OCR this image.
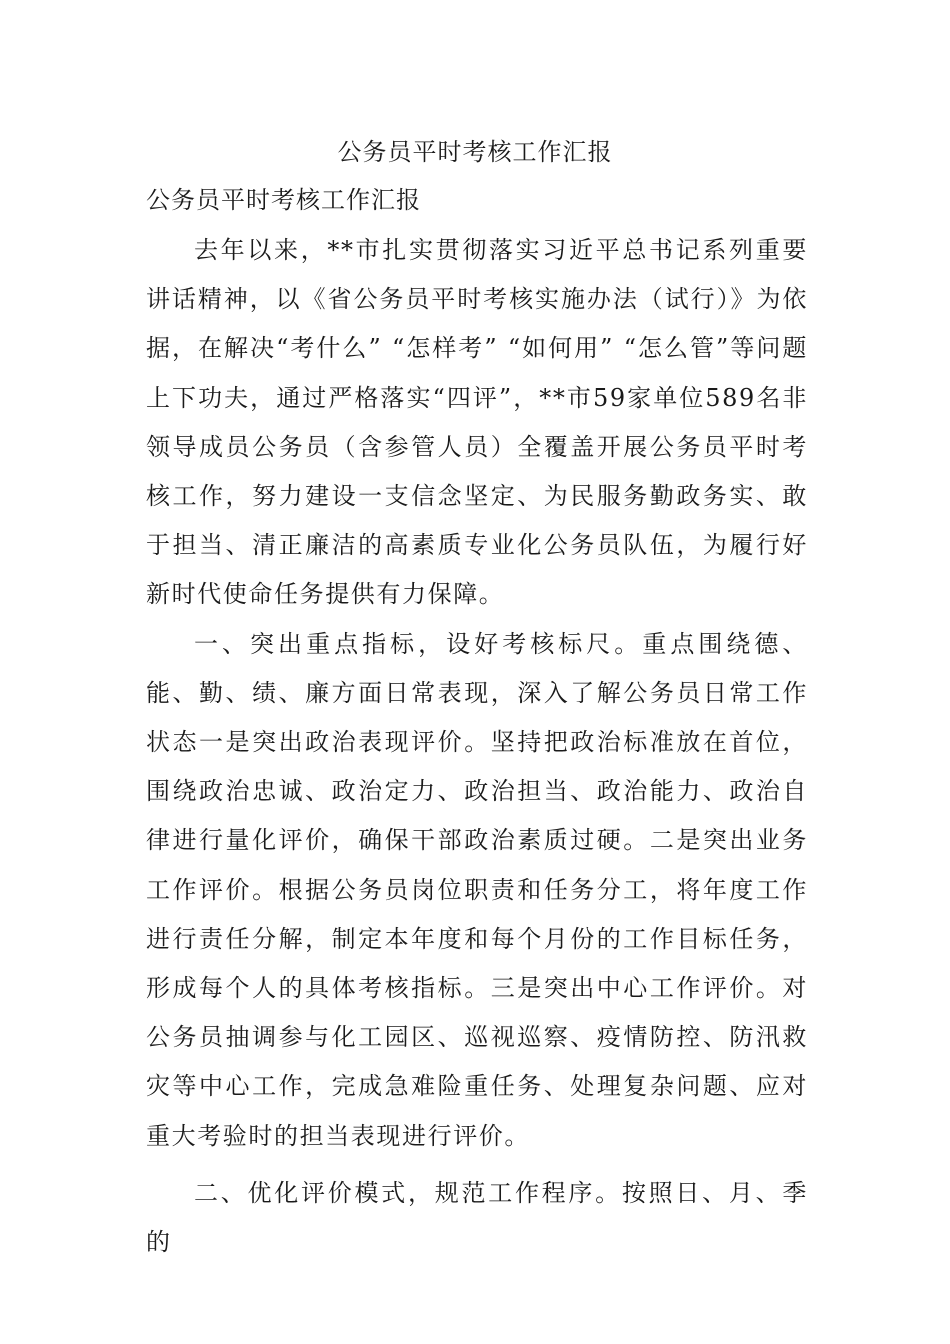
公务员平时考核工作汇报
公务员平时考核工作汇报

去年以来，**市扎实贯彻落实习近平总书记系列重要讲话精神，以《省公务员平时考核实施办法（试行）》为依据，在解决“考什么” “怎样考” “如何用” “怎么管”等问题上下功夫，通过严格落实“四评”，**市59家单位589名非领导成员公务员（含参管人员）全覆盖开展公务员平时考核工作，努力建设一支信念坚定、为民服务勤政务实、敢于担当、清正廉洁的高素质专业化公务员队伍，为履行好新时代使命任务提供有力保障。

一、突出重点指标，设好考核标尺。重点围绕德、能、勤、绩、廉方面日常表现，深入了解公务员日常工作状态一是突出政治表现评价。坚持把政治标准放在首位，围绕政治忠诚、政治定力、政治担当、政治能力、政治自律进行量化评价，确保干部政治素质过硬。二是突出业务工作评价。根据公务员岗位职责和任务分工，将年度工作进行责任分解，制定本年度和每个月份的工作目标任务，形成每个人的具体考核指标。三是突出中心工作评价。对公务员抽调参与化工园区、巡视巡察、疫情防控、防汛救灾等中心工作，完成急难险重任务、处理复杂问题、应对重大考验时的担当表现进行评价。

二、优化评价模式，规范工作程序。按照日、月、季的
